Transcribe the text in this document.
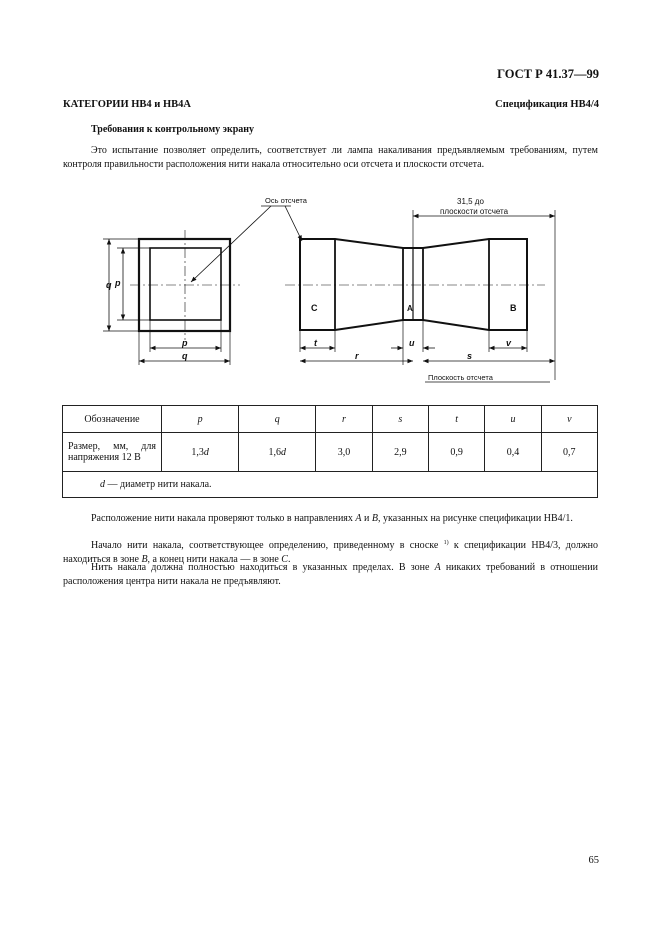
ГОСТ Р 41.37—99
КАТЕГОРИИ HB4 и HB4A	Спецификация HB4/4
Требования к контрольному экрану

Это испытание позволяет определить, соответствует ли лампа накаливания предъявляемым требованиям, путем контроля правильности расположения нити накала относительно оси отсчета и плоскости отсчета.

Ось отсчета	31,5 до
плоскости отсчета
Плоскость отсчета
C	A	B
q p
p
q
t
r
u
s
v
Обозначение	p	q	r	s	t	u	v

Размер, мм, для
напряжения 12 В	1,3d	1,6d	3,0	2,9	0,9	0,4	0,7
d — диаметр нити накала.							

Расположение нити накала проверяют только в направлениях A и B, указанных на рисунке спецификации HB4/1.

Начало нити накала, соответствующее определению, приведенному в сноске $^{1)}$ к спецификации HB4/3, должно находиться в зоне B, а конец нити накала — в зоне C.

Нить накала должна полностью находиться в указанных пределах. В зоне A никаких требований в отношении расположения центра нити накала не предъявляют.

65
